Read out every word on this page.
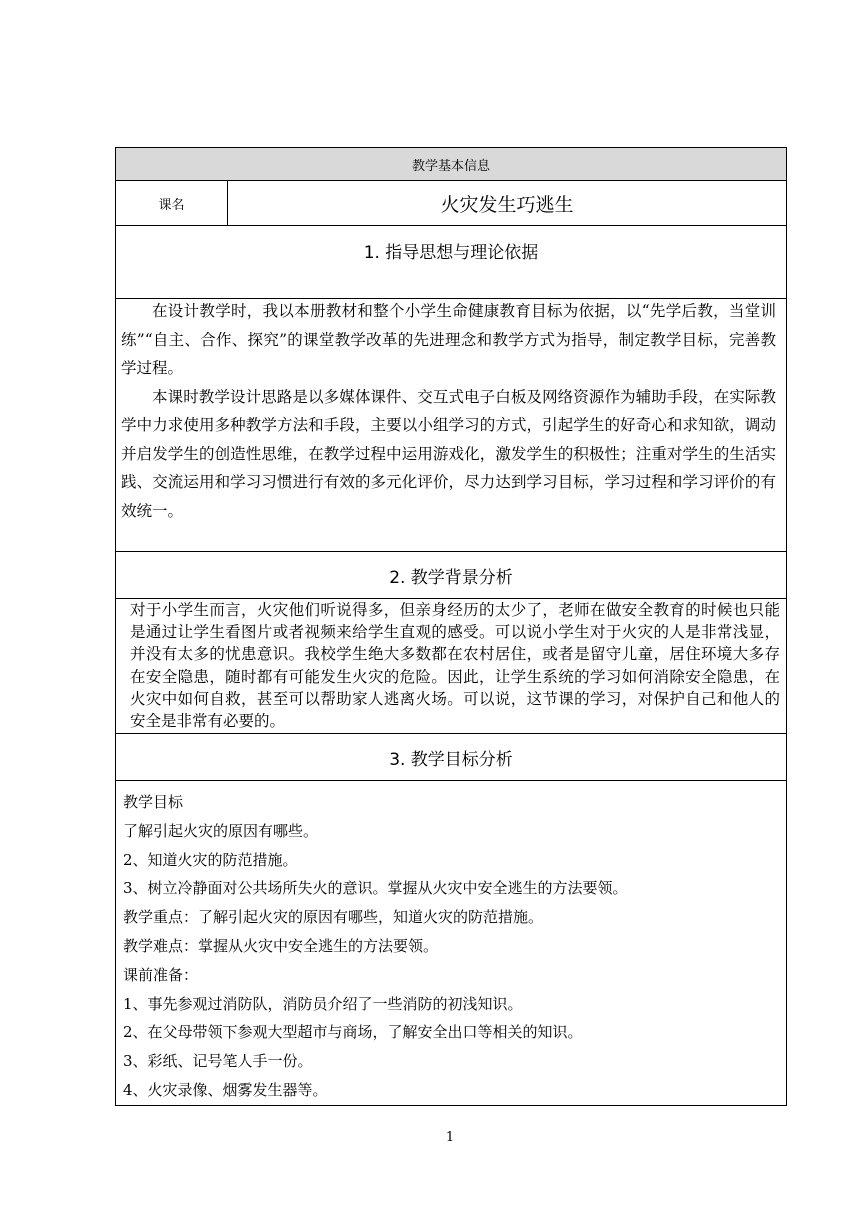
教学基本信息
课名	火灾发生巧逃生

1. 指导思想与理论依据

在设计教学时，我以本册教材和整个小学生命健康教育目标为依据，以“先学后教，当堂训练”“自主、合作、探究”的课堂教学改革的先进理念和教学方式为指导，制定教学目标，完善教学过程。

本课时教学设计思路是以多媒体课件、交互式电子白板及网络资源作为辅助手段，在实际教学中力求使用多种教学方法和手段，主要以小组学习的方式，引起学生的好奇心和求知欲，调动并启发学生的创造性思维，在教学过程中运用游戏化，激发学生的积极性；注重对学生的生活实践、交流运用和学习习惯进行有效的多元化评价，尽力达到学习目标，学习过程和学习评价的有效统一。

2. 教学背景分析

对于小学生而言，火灾他们听说得多，但亲身经历的太少了，老师在做安全教育的时候也只能是通过让学生看图片或者视频来给学生直观的感受。可以说小学生对于火灾的人是非常浅显，并没有太多的忧患意识。我校学生绝大多数都在农村居住，或者是留守儿童，居住环境大多存在安全隐患，随时都有可能发生火灾的危险。因此，让学生系统的学习如何消除安全隐患，在火灾中如何自救，甚至可以帮助家人逃离火场。可以说，这节课的学习，对保护自己和他人的安全是非常有必要的。

3. 教学目标分析

教学目标
了解引起火灾的原因有哪些。
2、知道火灾的防范措施。
3、树立冷静面对公共场所失火的意识。掌握从火灾中安全逃生的方法要领。
教学重点：了解引起火灾的原因有哪些，知道火灾的防范措施。
教学难点：掌握从火灾中安全逃生的方法要领。
课前准备：
1、事先参观过消防队，消防员介绍了一些消防的初浅知识。
2、在父母带领下参观大型超市与商场，了解安全出口等相关的知识。
3、彩纸、记号笔人手一份。
4、火灾录像、烟雾发生器等。
1
